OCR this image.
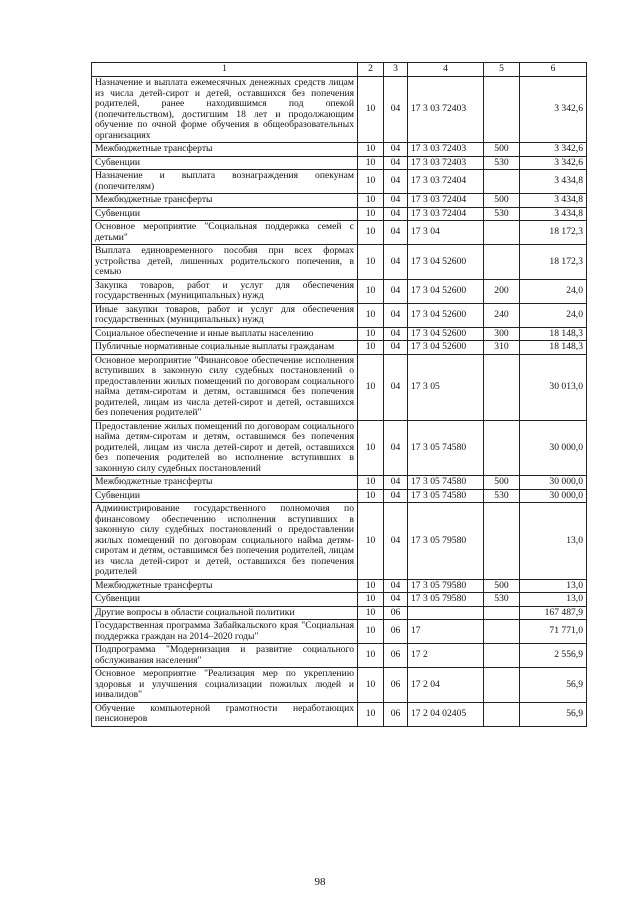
1	2	3	4	5	6
Назначение и выплата ежемесячных денежных средств лицам из числа детей-сирот и детей, оставшихся без попечения родителей, ранее находившимся под опекой (попечительством), достигшим 18 лет и продолжающим обучение по очной форме обучения в общеобразовательных организациях	10	04	17 3 03 72403		3 342,6
Межбюджетные трансферты	10	04	17 3 03 72403	500	3 342,6
Субвенции	10	04	17 3 03 72403	530	3 342,6
Назначение и выплата вознаграждения опекунам (попечителям)	10	04	17 3 03 72404		3 434,8
Межбюджетные трансферты	10	04	17 3 03 72404	500	3 434,8
Субвенции	10	04	17 3 03 72404	530	3 434,8
Основное мероприятие "Социальная поддержка семей с детьми"	10	04	17 3 04		18 172,3
Выплата единовременного пособия при всех формах устройства детей, лишенных родительского попечения, в семью	10	04	17 3 04 52600		18 172,3
Закупка товаров, работ и услуг для обеспечения государственных (муниципальных) нужд	10	04	17 3 04 52600	200	24,0
Иные закупки товаров, работ и услуг для обеспечения государственных (муниципальных) нужд	10	04	17 3 04 52600	240	24,0
Социальное обеспечение и иные выплаты населению	10	04	17 3 04 52600	300	18 148,3
Публичные нормативные социальные выплаты гражданам	10	04	17 3 04 52600	310	18 148,3
Основное мероприятие "Финансовое обеспечение исполнения вступивших в законную силу судебных постановлений о предоставлении жилых помещений по договорам социального найма детям-сиротам и детям, оставшимся без попечения родителей, лицам из числа детей-сирот и детей, оставшихся без попечения родителей"	10	04	17 3 05		30 013,0
Предоставление жилых помещений по договорам социального найма детям-сиротам и детям, оставшимся без попечения родителей, лицам из числа детей-сирот и детей, оставшихся без попечения родителей во исполнение вступивших в законную силу судебных постановлений	10	04	17 3 05 74580		30 000,0
Межбюджетные трансферты	10	04	17 3 05 74580	500	30 000,0
Субвенции	10	04	17 3 05 74580	530	30 000,0
Администрирование государственного полномочия по финансовому обеспечению исполнения вступивших в законную силу судебных постановлений о предоставлении жилых помещений по договорам социального найма детям-сиротам и детям, оставшимся без попечения родителей, лицам из числа детей-сирот и детей, оставшихся без попечения родителей	10	04	17 3 05 79580		13,0
Межбюджетные трансферты	10	04	17 3 05 79580	500	13,0
Субвенции	10	04	17 3 05 79580	530	13,0
Другие вопросы в области социальной политики	10	06			167 487,9
Государственная программа Забайкальского края "Социальная поддержка граждан на 2014–2020 годы"	10	06	17		71 771,0
Подпрограмма "Модернизация и развитие социального обслуживания населения"	10	06	17 2		2 556,9
Основное мероприятие "Реализация мер по укреплению здоровья и улучшения социализации пожилых людей и инвалидов"	10	06	17 2 04		56,9
Обучение компьютерной грамотности неработающих пенсионеров	10	06	17 2 04 02405		56,9
98
